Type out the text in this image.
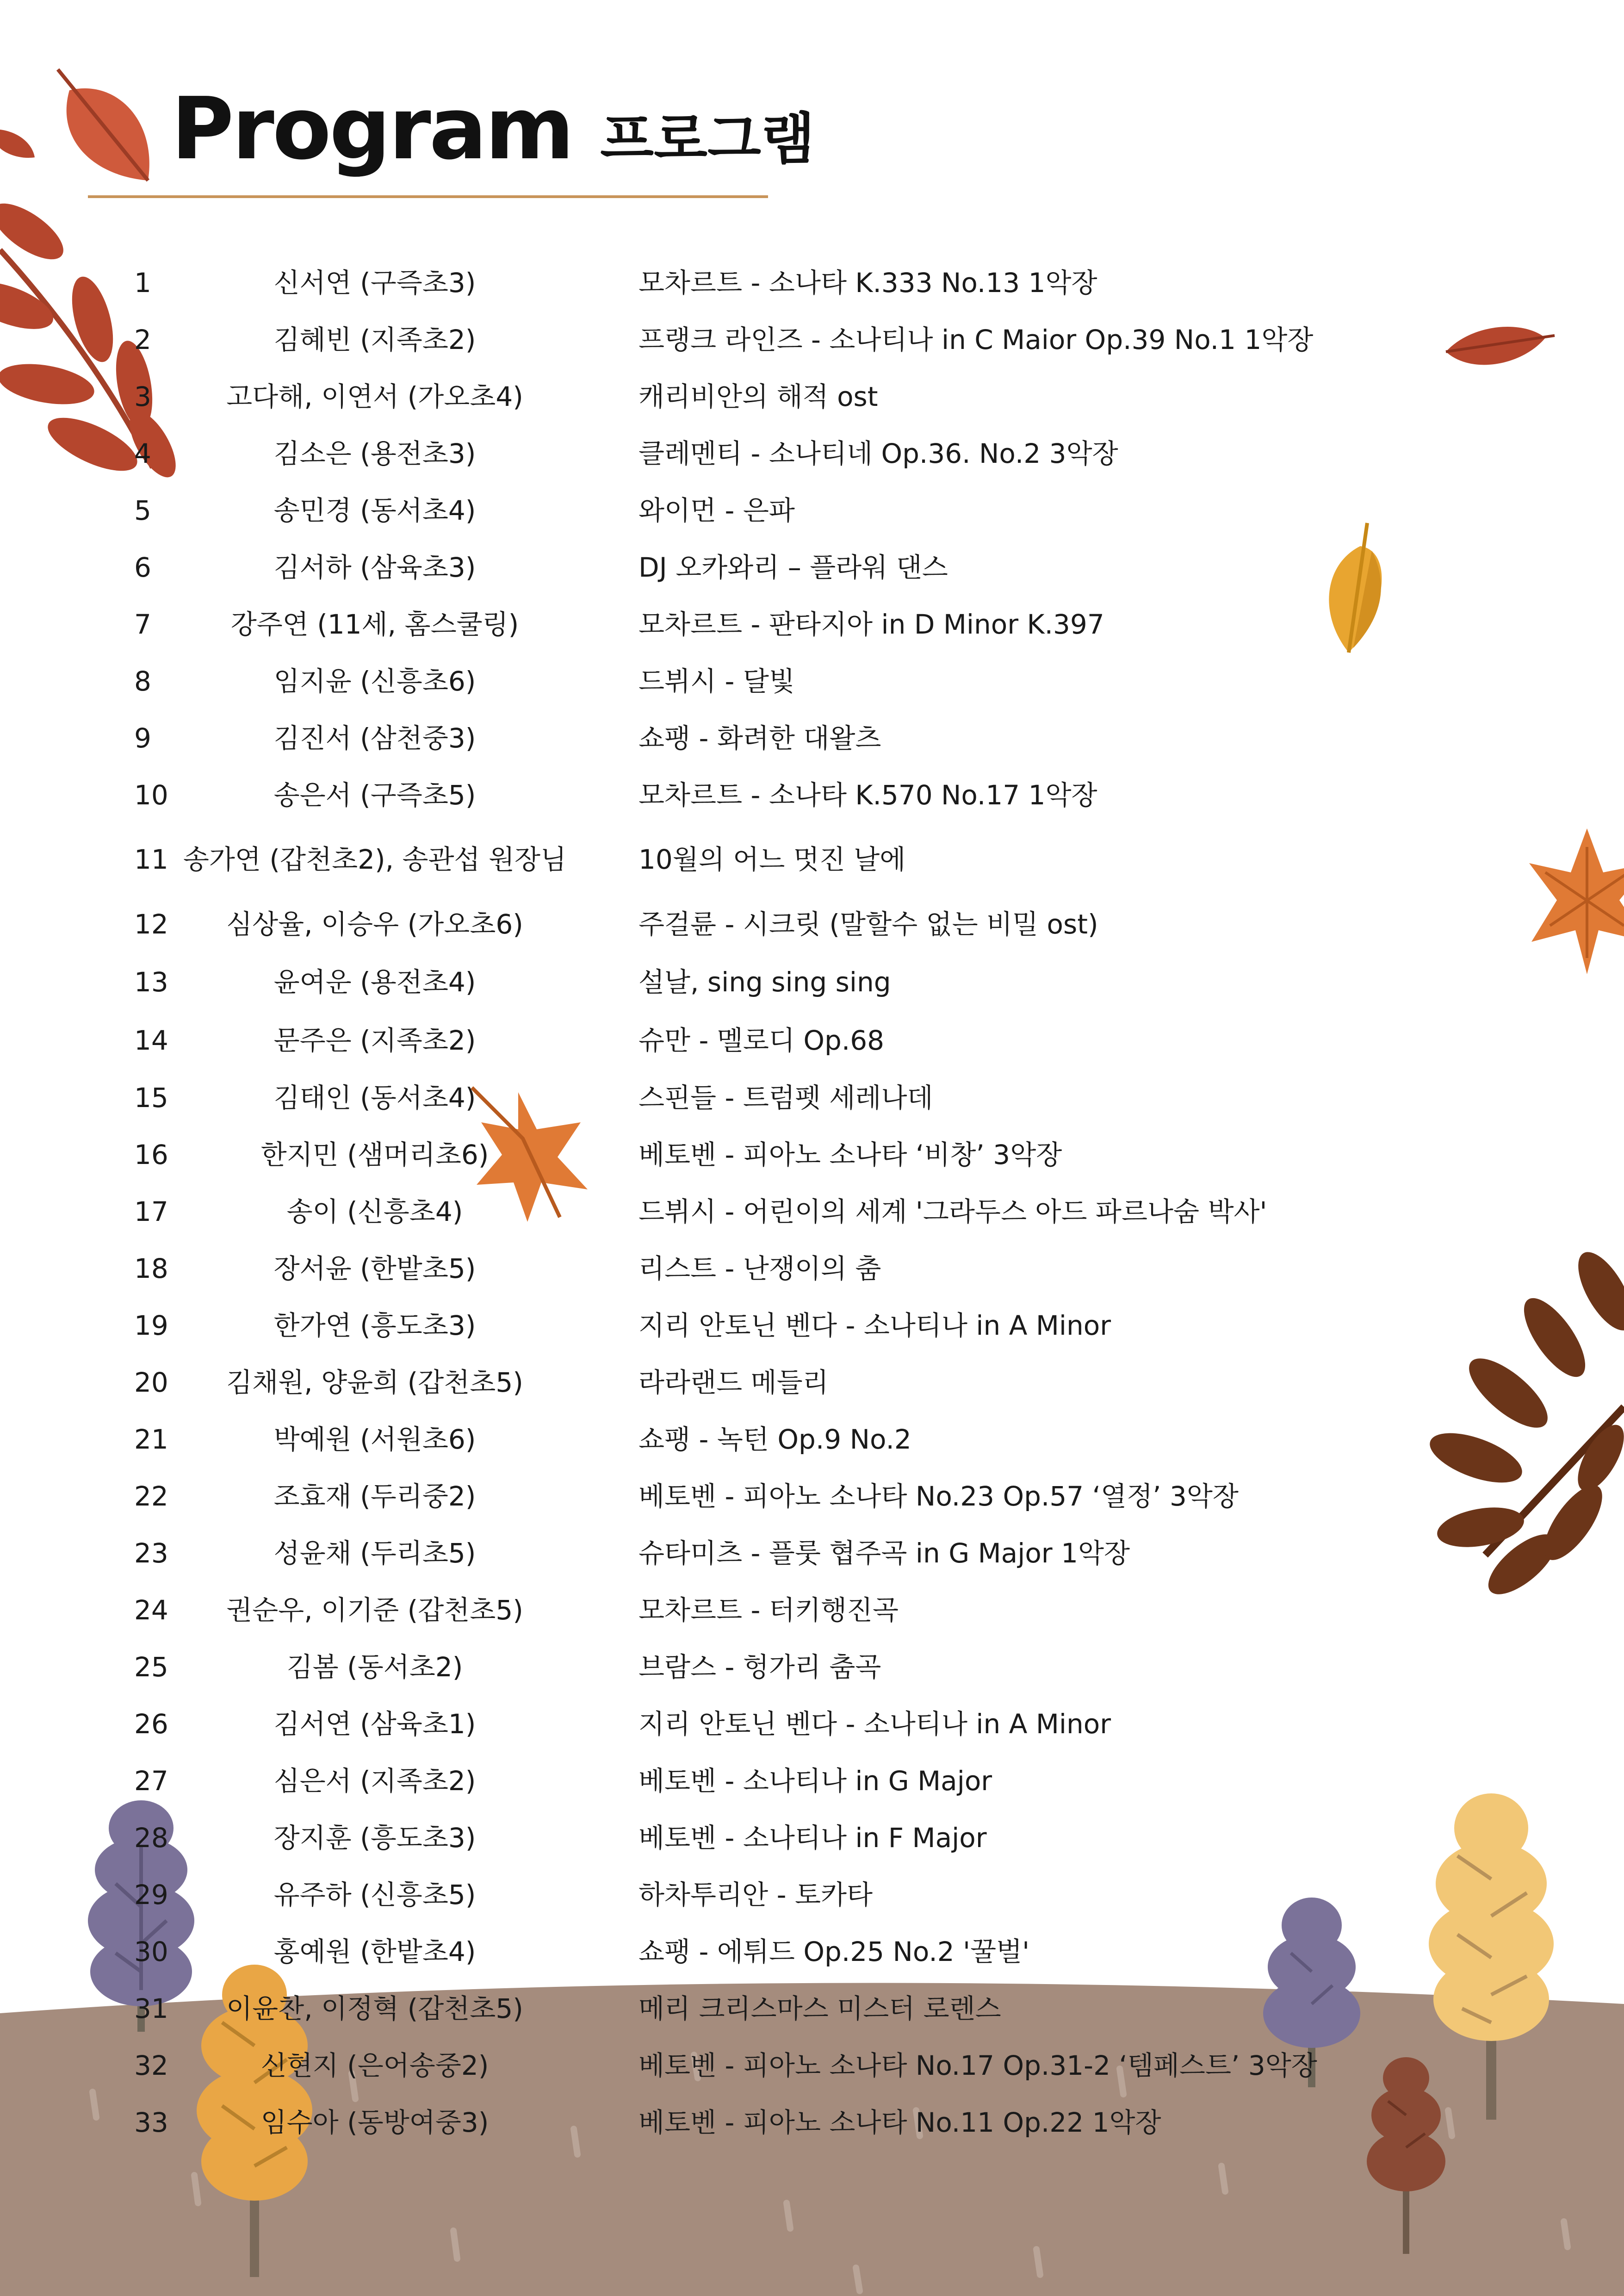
Program 프로그램
1	신서연 (구즉초3)	모차르트 - 소나타 K.333 No.13 1악장
2	김혜빈 (지족초2)	프랭크 라인즈 - 소나티나 in C Maior Op.39 No.1 1악장
3	고다해, 이연서 (가오초4)	캐리비안의 해적 ost
4	김소은 (용전초3)	클레멘티 - 소나티네 Op.36. No.2 3악장
5	송민경 (동서초4)	와이먼 - 은파
6	김서하 (삼육초3)	DJ 오카와리 – 플라워 댄스
7	강주연 (11세, 홈스쿨링)	모차르트 - 판타지아 in D Minor K.397
8	임지윤 (신흥초6)	드뷔시 - 달빛
9	김진서 (삼천중3)	쇼팽 - 화려한 대왈츠
10	송은서 (구즉초5)	모차르트 - 소나타 K.570 No.17 1악장
11 송가연 (갑천초2), 송관섭 원장님	10월의 어느 멋진 날에
12	심상율, 이승우 (가오초6)	주걸륜 - 시크릿 (말할수 없는 비밀 ost)
13	윤여운 (용전초4)	설날, sing sing sing
14	문주은 (지족초2)	슈만 - 멜로디 Op.68
15	김태인 (동서초4)	스핀들 - 트럼펫 세레나데
16	한지민 (샘머리초6)	베토벤 - 피아노 소나타 ‘비창’ 3악장
17	송이 (신흥초4)	드뷔시 - 어린이의 세계 '그라두스 아드 파르나숨 박사'
18	장서윤 (한밭초5)	리스트 - 난쟁이의 춤
19	한가연 (흥도초3)	지리 안토닌 벤다 - 소나티나 in A Minor
20	김채원, 양윤희 (갑천초5)	라라랜드 메들리
21	박예원 (서원초6)	쇼팽 - 녹턴 Op.9 No.2
22	조효재 (두리중2)	베토벤 - 피아노 소나타 No.23 Op.57 ‘열정’ 3악장
23	성윤채 (두리초5)	슈타미츠 - 플룻 협주곡 in G Major 1악장
24	권순우, 이기준 (갑천초5)	모차르트 - 터키행진곡
25	김봄 (동서초2)	브람스 - 헝가리 춤곡
26	김서연 (삼육초1)	지리 안토닌 벤다 - 소나티나 in A Minor
27	심은서 (지족초2)	베토벤 - 소나티나 in G Major
28	장지훈 (흥도초3)	베토벤 - 소나티나 in F Major
29	유주하 (신흥초5)	하차투리안 - 토카타
30	홍예원 (한밭초4)	쇼팽 - 에튀드 Op.25 No.2 '꿀벌'
31	이윤찬, 이정혁 (갑천초5)	메리 크리스마스 미스터 로렌스
32	신현지 (은어송중2)	베토벤 - 피아노 소나타 No.17 Op.31-2 ‘템페스트’ 3악장
33	임수아 (동방여중3)	베토벤 - 피아노 소나타 No.11 Op.22 1악장
